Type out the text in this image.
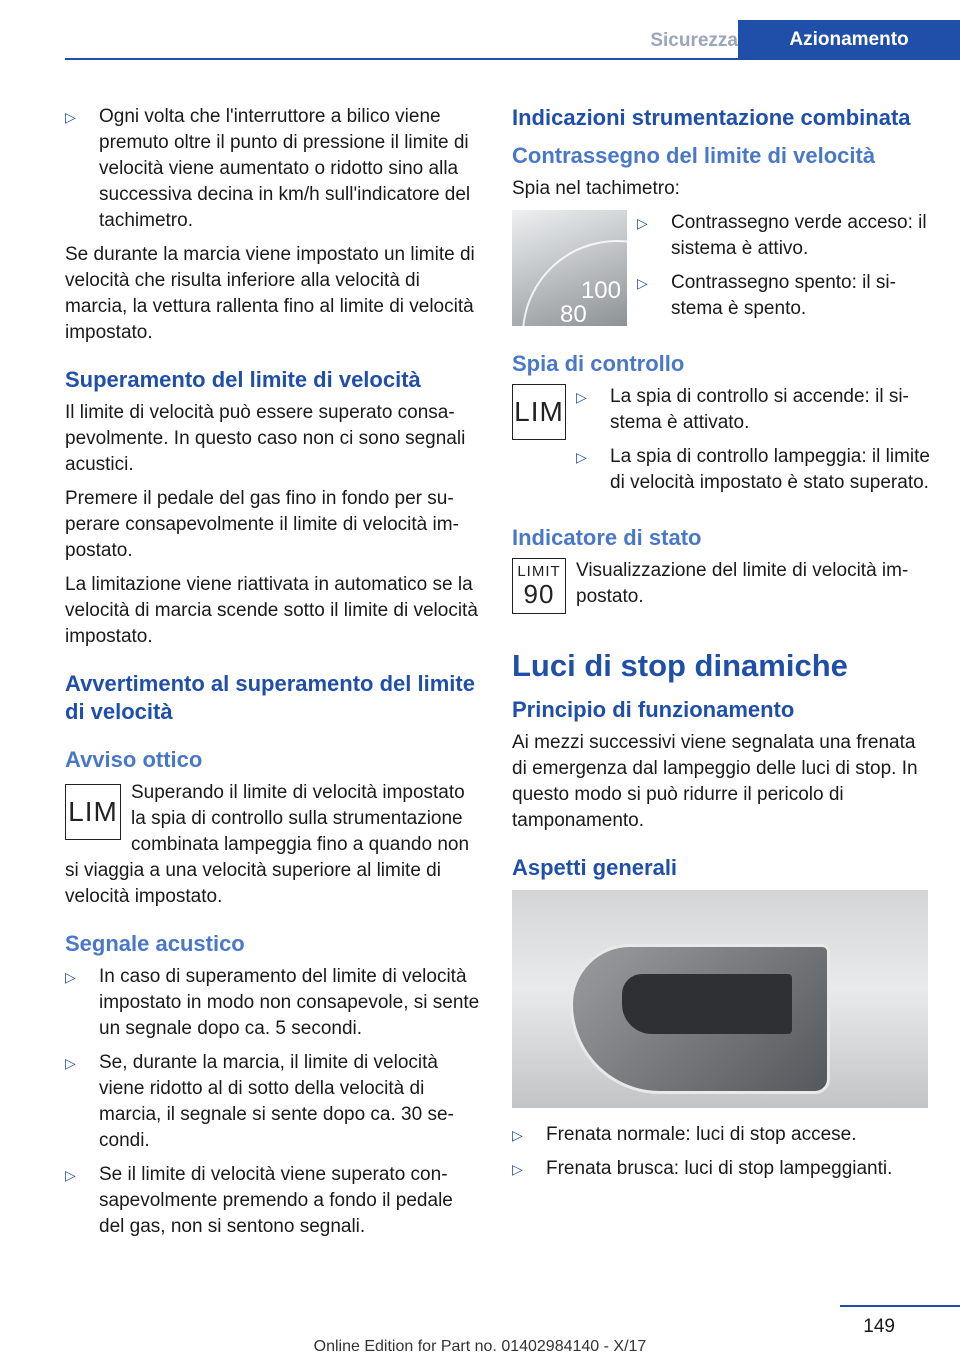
Sicurezza	Azionamento
▷ Ogni volta che l'interruttore a bilico viene premuto oltre il punto di pressione il limite di velocità viene aumentato o ridotto sino alla successiva decina in km/h sull'indicatore del tachimetro.

Se durante la marcia viene impostato un limite di velocità che risulta inferiore alla velocità di marcia, la vettura rallenta fino al limite di velocità impostato.

Superamento del limite di velocità

Il limite di velocità può essere superato consapevolmente. In questo caso non ci sono segnali acustici.

Premere il pedale del gas fino in fondo per superare consapevolmente il limite di velocità impostato.

La limitazione viene riattivata in automatico se la velocità di marcia scende sotto il limite di velocità impostato.

Avvertimento al superamento del limite di velocità
Avviso ottico
LIM

Superando il limite di velocità impostato la spia di controllo sulla strumentazione combinata lampeggia fino a quando non si viaggia a una velocità superiore al limite di velocità impostato.

Segnale acustico
▷ In caso di superamento del limite di velocità impostato in modo non consapevole, si sente un segnale dopo ca. 5 secondi.
▷ Se, durante la marcia, il limite di velocità viene ridotto al di sotto della velocità di marcia, il segnale si sente dopo ca. 30 secondi.
▷ Se il limite di velocità viene superato consapevolmente premendo a fondo il pedale del gas, non si sentono segnali.
Indicazioni strumentazione combinata
Contrassegno del limite di velocità

Spia nel tachimetro:

100
80
▷ Contrassegno verde acceso: il sistema è attivo.
▷ Contrassegno spento: il sistema è spento.
Spia di controllo
LIM ▷ La spia di controllo si accende: il sistema è attivato.
▷ La spia di controllo lampeggia: il limite di velocità impostato è stato superato.
Indicatore di stato
LIMIT
90

Visualizzazione del limite di velocità impostato.

Luci di stop dinamiche
Principio di funzionamento

Ai mezzi successivi viene segnalata una frenata di emergenza dal lampeggio delle luci di stop. In questo modo si può ridurre il pericolo di tamponamento.

Aspetti generali
▷ Frenata normale: luci di stop accese.
▷ Frenata brusca: luci di stop lampeggianti.
149
Online Edition for Part no. 01402984140 - X/17
